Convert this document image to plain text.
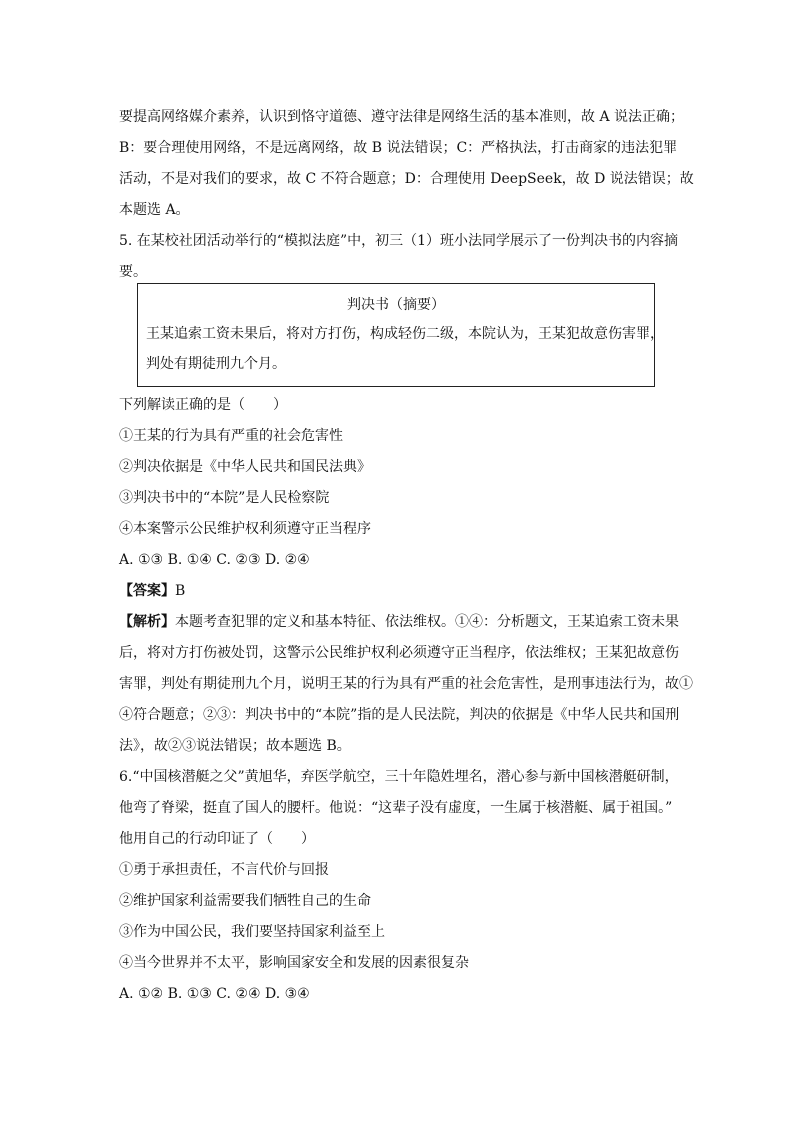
要提高网络媒介素养，认识到恪守道德、遵守法律是网络生活的基本准则，故 A 说法正确；
B：要合理使用网络，不是远离网络，故 B 说法错误；C：严格执法，打击商家的违法犯罪
活动，不是对我们的要求，故 C 不符合题意；D：合理使用 DeepSeek，故 D 说法错误；故
本题选 A。
5. 在某校社团活动举行的“模拟法庭”中，初三（1）班小法同学展示了一份判决书的内容摘
要。
判决书（摘要）
王某追索工资未果后，将对方打伤，构成轻伤二级，本院认为，王某犯故意伤害罪，
判处有期徒刑九个月。
下列解读正确的是（　　）
①王某的行为具有严重的社会危害性
②判决依据是《中华人民共和国民法典》
③判决书中的“本院”是人民检察院
④本案警示公民维护权利须遵守正当程序
A. ①③ B. ①④ C. ②③ D. ②④
【答案】B
【解析】本题考查犯罪的定义和基本特征、依法维权。①④：分析题文，王某追索工资未果
后，将对方打伤被处罚，这警示公民维护权利必须遵守正当程序，依法维权；王某犯故意伤
害罪，判处有期徒刑九个月，说明王某的行为具有严重的社会危害性，是刑事违法行为，故①
④符合题意；②③：判决书中的“本院”指的是人民法院，判决的依据是《中华人民共和国刑
法》，故②③说法错误；故本题选 B。
6.“中国核潜艇之父”黄旭华，弃医学航空，三十年隐姓埋名，潜心参与新中国核潜艇研制，
他弯了脊梁，挺直了国人的腰杆。他说：“这辈子没有虚度，一生属于核潜艇、属于祖国。”
他用自己的行动印证了（　　）
①勇于承担责任，不言代价与回报
②维护国家利益需要我们牺牲自己的生命
③作为中国公民，我们要坚持国家利益至上
④当今世界并不太平，影响国家安全和发展的因素很复杂
A. ①② B. ①③ C. ②④ D. ③④
